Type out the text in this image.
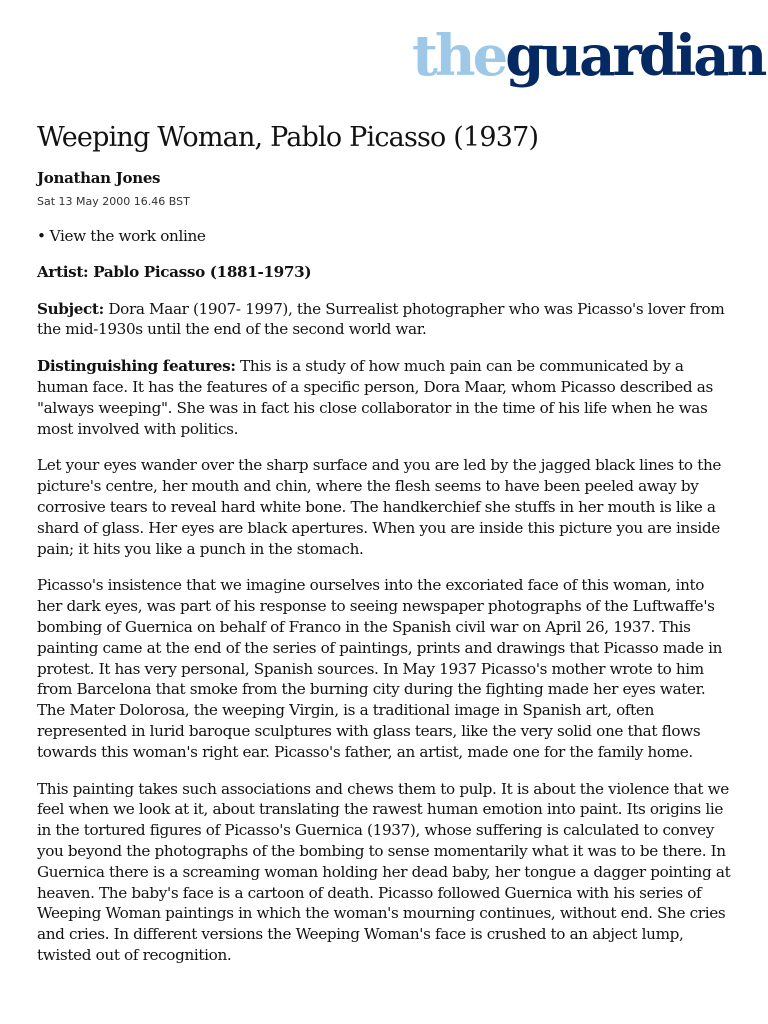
theguardian
Weeping Woman, Pablo Picasso (1937)
Jonathan Jones
Sat 13 May 2000 16.46 BST

• View the work online

Artist: Pablo Picasso (1881-1973)

Subject: Dora Maar (1907- 1997), the Surrealist photographer who was Picasso's lover from the mid-1930s until the end of the second world war.

Distinguishing features: This is a study of how much pain can be communicated by a human face. It has the features of a specific person, Dora Maar, whom Picasso described as "always weeping". She was in fact his close collaborator in the time of his life when he was most involved with politics.

Let your eyes wander over the sharp surface and you are led by the jagged black lines to the picture's centre, her mouth and chin, where the flesh seems to have been peeled away by corrosive tears to reveal hard white bone. The handkerchief she stuffs in her mouth is like a shard of glass. Her eyes are black apertures. When you are inside this picture you are inside pain; it hits you like a punch in the stomach.

Picasso's insistence that we imagine ourselves into the excoriated face of this woman, into her dark eyes, was part of his response to seeing newspaper photographs of the Luftwaffe's bombing of Guernica on behalf of Franco in the Spanish civil war on April 26, 1937. This painting came at the end of the series of paintings, prints and drawings that Picasso made in protest. It has very personal, Spanish sources. In May 1937 Picasso's mother wrote to him from Barcelona that smoke from the burning city during the fighting made her eyes water. The Mater Dolorosa, the weeping Virgin, is a traditional image in Spanish art, often represented in lurid baroque sculptures with glass tears, like the very solid one that flows towards this woman's right ear. Picasso's father, an artist, made one for the family home.

This painting takes such associations and chews them to pulp. It is about the violence that we feel when we look at it, about translating the rawest human emotion into paint. Its origins lie in the tortured figures of Picasso's Guernica (1937), whose suffering is calculated to convey you beyond the photographs of the bombing to sense momentarily what it was to be there. In Guernica there is a screaming woman holding her dead baby, her tongue a dagger pointing at heaven. The baby's face is a cartoon of death. Picasso followed Guernica with his series of Weeping Woman paintings in which the woman's mourning continues, without end. She cries and cries. In different versions the Weeping Woman's face is crushed to an abject lump, twisted out of recognition.
